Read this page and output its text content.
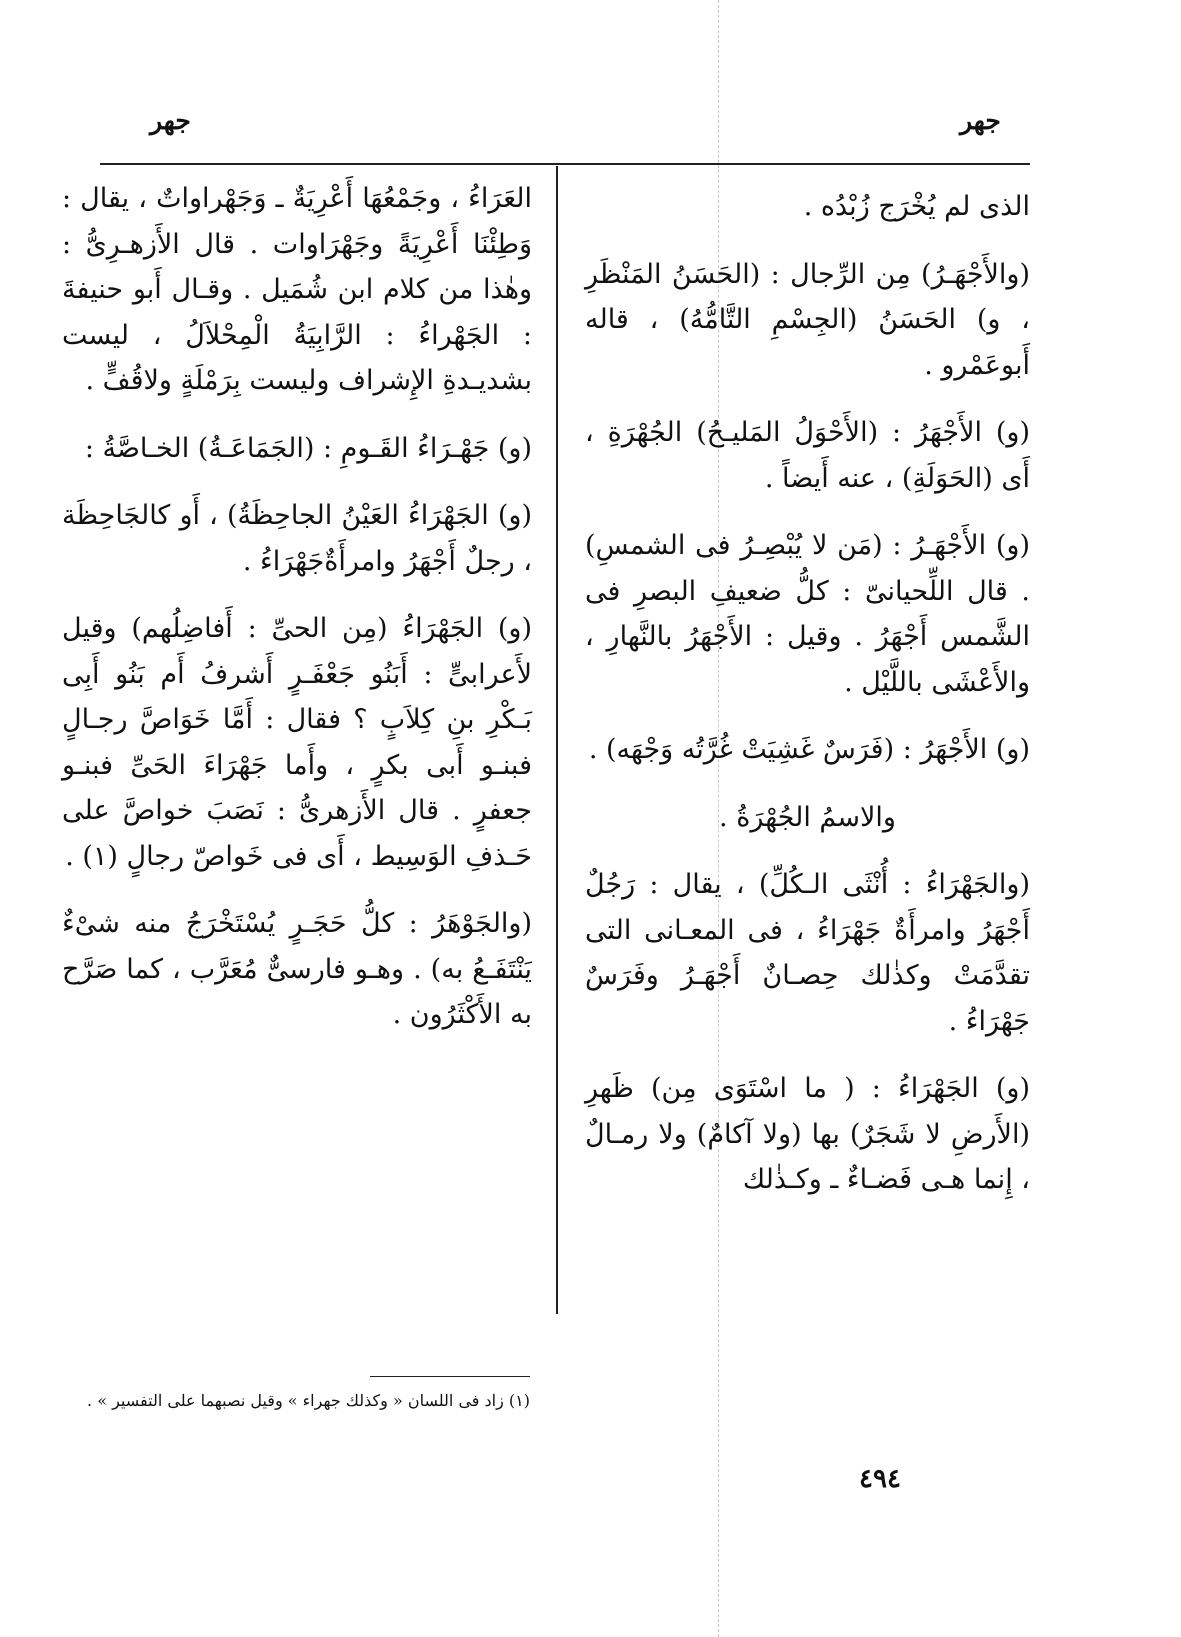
جهر	جهر

الذى لم يُخْرَج زُبْدُه .

(والأَجْهَـرُ) مِن الرِّجال : (الحَسَنُ المَنْظَرِ ، و) الحَسَنُ (الجِسْمِ التَّامُّهُ) ، قاله أَبوعَمْرو .

(و) الأَجْهَرُ : (الأَحْوَلُ المَليـحُ) الجُهْرَةِ ، أَى (الحَوَلَةِ) ، عنه أَيضاً .

(و) الأَجْهَـرُ : (مَن لا يُبْصِـرُ فى الشمسِ) . قال اللِّحيانىّ : كلُّ ضعيفِ البصرِ فى الشَّمس أَجْهَرُ . وقيل : الأَجْهَرُ بالنَّهارِ ، والأَعْشَى باللَّيْل .

(و) الأَجْهَرُ : (فَرَسٌ غَشِيَتْ غُرَّتُه وَجْهَه) .

والاسمُ الجُهْرَةُ .

(والجَهْرَاءُ : أُنْثَى الـكُلِّ) ، يقال : رَجُلٌ أَجْهَرُ وامرأَةٌ جَهْرَاءُ ، فى المعـانى التى تقدَّمَتْ وكذٰلك حِصـانٌ أَجْهَـرُ وفَرَسٌ جَهْرَاءُ .

(و) الجَهْرَاءُ : ( ما اسْتَوَى مِن) ظَهرِ (الأَرضِ لا شَجَرٌ) بها (ولا آكامٌ) ولا رمـالٌ ، إِنما هـى فَضـاءٌ ـ وكـذٰلك

العَرَاءُ ، وجَمْعُهَا أَعْرِيَةٌ ـ وَجَهْراواتٌ ، يقال : وَطِئْنَا أَعْرِيَةً وجَهْرَاوات . قال الأَزهـرِىُّ : وهٰذا من كلام ابن شُمَيل . وقـال أَبو حنيفةَ : الجَهْراءُ : الرَّابِيَةُ الْمِحْلاَلُ ، ليست بشديـدةِ الإِشراف وليست بِرَمْلَةٍ ولاقُفٍّ .

(و) جَهْـرَاءُ القَـومِ : (الجَمَاعَـةُ) الخـاصَّةُ :

(و) الجَهْرَاءُ العَيْنُ الجاحِظَةُ) ، أَو كالجَاحِظَة ، رجلٌ أَجْهَرُ وامرأَةٌجَهْرَاءُ .

(و) الجَهْرَاءُ (مِن الحىِّ : أَفاضِلُهم) وقيل لأَعرابىٍّ : أَبَنُو جَعْفَـرٍ أَشرفُ أَم بَنُو أَبِى بَـكْرِ بنِ كِلاَبٍ ؟ فقال : أَمَّا خَوَاصَّ رجـالٍ فبنـو أَبى بكرٍ ، وأَما جَهْرَاءَ الحَىِّ فبنـو جعفرٍ . قال الأَزهرىُّ : نَصَبَ خواصَّ على حَـذفِ الوَسِيط ، أَى فى خَواصّ رجالٍ (١) .

(والجَوْهَرُ : كلُّ حَجَـرٍ يُسْتَخْرَجُ منه شىْءٌ يَنْتَفَـعُ به) . وهـو فارسىٌّ مُعَرَّب ، كما صَرَّح به الأَكْثَرُون .

(١) زاد فى اللسان « وكذلك جهراء » وقيل نصبهما على التفسير » .
٤٩٤
